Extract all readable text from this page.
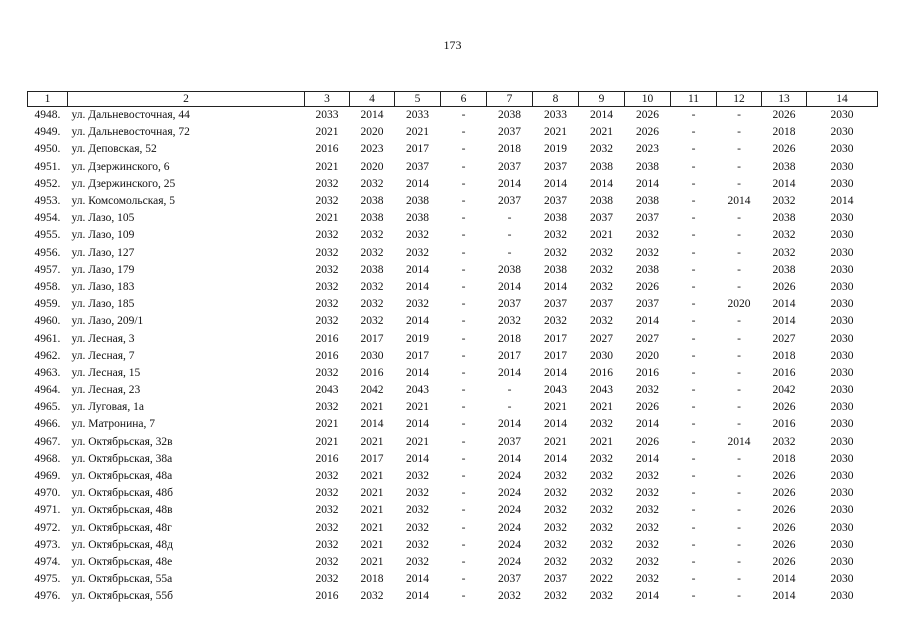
173
1	2	3	4	5	6	7	8	9	10	11	12	13	14
4948.	ул. Дальневосточная, 44	2033	2014	2033	-	2038	2033	2014	2026	-	-	2026	2030
4949.	ул. Дальневосточная, 72	2021	2020	2021	-	2037	2021	2021	2026	-	-	2018	2030
4950.	ул. Деповская, 52	2016	2023	2017	-	2018	2019	2032	2023	-	-	2026	2030
4951.	ул. Дзержинского, 6	2021	2020	2037	-	2037	2037	2038	2038	-	-	2038	2030
4952.	ул. Дзержинского, 25	2032	2032	2014	-	2014	2014	2014	2014	-	-	2014	2030
4953.	ул. Комсомольская, 5	2032	2038	2038	-	2037	2037	2038	2038	-	2014	2032	2014
4954.	ул. Лазо, 105	2021	2038	2038	-	-	2038	2037	2037	-	-	2038	2030
4955.	ул. Лазо, 109	2032	2032	2032	-	-	2032	2021	2032	-	-	2032	2030
4956.	ул. Лазо, 127	2032	2032	2032	-	-	2032	2032	2032	-	-	2032	2030
4957.	ул. Лазо, 179	2032	2038	2014	-	2038	2038	2032	2038	-	-	2038	2030
4958.	ул. Лазо, 183	2032	2032	2014	-	2014	2014	2032	2026	-	-	2026	2030
4959.	ул. Лазо, 185	2032	2032	2032	-	2037	2037	2037	2037	-	2020	2014	2030
4960.	ул. Лазо, 209/1	2032	2032	2014	-	2032	2032	2032	2014	-	-	2014	2030
4961.	ул. Лесная, 3	2016	2017	2019	-	2018	2017	2027	2027	-	-	2027	2030
4962.	ул. Лесная, 7	2016	2030	2017	-	2017	2017	2030	2020	-	-	2018	2030
4963.	ул. Лесная, 15	2032	2016	2014	-	2014	2014	2016	2016	-	-	2016	2030
4964.	ул. Лесная, 23	2043	2042	2043	-	-	2043	2043	2032	-	-	2042	2030
4965.	ул. Луговая, 1а	2032	2021	2021	-	-	2021	2021	2026	-	-	2026	2030
4966.	ул. Матронина, 7	2021	2014	2014	-	2014	2014	2032	2014	-	-	2016	2030
4967.	ул. Октябрьская, 32в	2021	2021	2021	-	2037	2021	2021	2026	-	2014	2032	2030
4968.	ул. Октябрьская, 38а	2016	2017	2014	-	2014	2014	2032	2014	-	-	2018	2030
4969.	ул. Октябрьская, 48а	2032	2021	2032	-	2024	2032	2032	2032	-	-	2026	2030
4970.	ул. Октябрьская, 48б	2032	2021	2032	-	2024	2032	2032	2032	-	-	2026	2030
4971.	ул. Октябрьская, 48в	2032	2021	2032	-	2024	2032	2032	2032	-	-	2026	2030
4972.	ул. Октябрьская, 48г	2032	2021	2032	-	2024	2032	2032	2032	-	-	2026	2030
4973.	ул. Октябрьская, 48д	2032	2021	2032	-	2024	2032	2032	2032	-	-	2026	2030
4974.	ул. Октябрьская, 48е	2032	2021	2032	-	2024	2032	2032	2032	-	-	2026	2030
4975.	ул. Октябрьская, 55а	2032	2018	2014	-	2037	2037	2022	2032	-	-	2014	2030
4976.	ул. Октябрьская, 55б	2016	2032	2014	-	2032	2032	2032	2014	-	-	2014	2030
